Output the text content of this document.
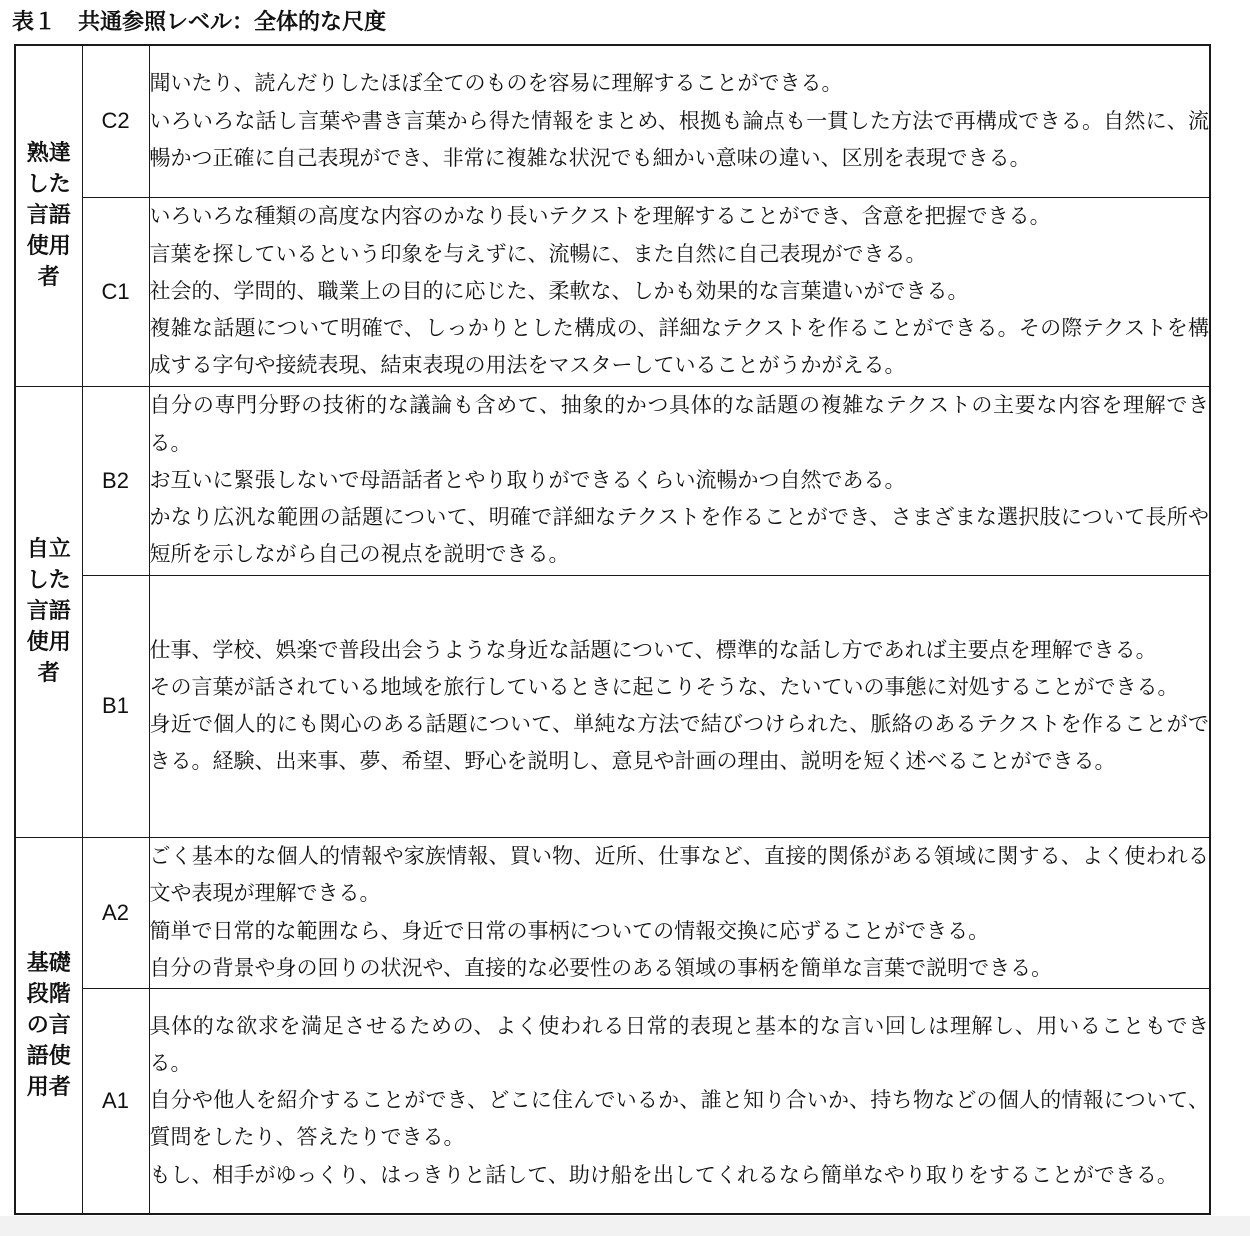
表１ 共通参照レベル：全体的な尺度
熟達した言語使用者	C2	聞いたり、読んだりしたほぼ全てのものを容易に理解することができる。

いろいろな話し言葉や書き言葉から得た情報をまとめ、根拠も論点も一貫した方法で再構成できる。自然に、流暢かつ正確に自己表現ができ、非常に複雑な状況でも細かい意味の違い、区別を表現できる。

	C1	いろいろな種類の高度な内容のかなり長いテクストを理解することができ、含意を把握できる。

言葉を探しているという印象を与えずに、流暢に、また自然に自己表現ができる。

社会的、学問的、職業上の目的に応じた、柔軟な、しかも効果的な言葉遣いができる。

複雑な話題について明確で、しっかりとした構成の、詳細なテクストを作ることができる。その際テクストを構成する字句や接続表現、結束表現の用法をマスターしていることがうかがえる。

自立した言語使用者	B2	自分の専門分野の技術的な議論も含めて、抽象的かつ具体的な話題の複雑なテクストの主要な内容を理解できる。

お互いに緊張しないで母語話者とやり取りができるくらい流暢かつ自然である。

かなり広汎な範囲の話題について、明確で詳細なテクストを作ることができ、さまざまな選択肢について長所や短所を示しながら自己の視点を説明できる。

	B1	仕事、学校、娯楽で普段出会うような身近な話題について、標準的な話し方であれば主要点を理解できる。

その言葉が話されている地域を旅行しているときに起こりそうな、たいていの事態に対処することができる。

身近で個人的にも関心のある話題について、単純な方法で結びつけられた、脈絡のあるテクストを作ることができる。経験、出来事、夢、希望、野心を説明し、意見や計画の理由、説明を短く述べることができる。

基礎段階の言語使用者	A2	ごく基本的な個人的情報や家族情報、買い物、近所、仕事など、直接的関係がある領域に関する、よく使われる文や表現が理解できる。

簡単で日常的な範囲なら、身近で日常の事柄についての情報交換に応ずることができる。

自分の背景や身の回りの状況や、直接的な必要性のある領域の事柄を簡単な言葉で説明できる。

	A1	具体的な欲求を満足させるための、よく使われる日常的表現と基本的な言い回しは理解し、用いることもできる。

自分や他人を紹介することができ、どこに住んでいるか、誰と知り合いか、持ち物などの個人的情報について、質問をしたり、答えたりできる。

もし、相手がゆっくり、はっきりと話して、助け船を出してくれるなら簡単なやり取りをすることができる。
